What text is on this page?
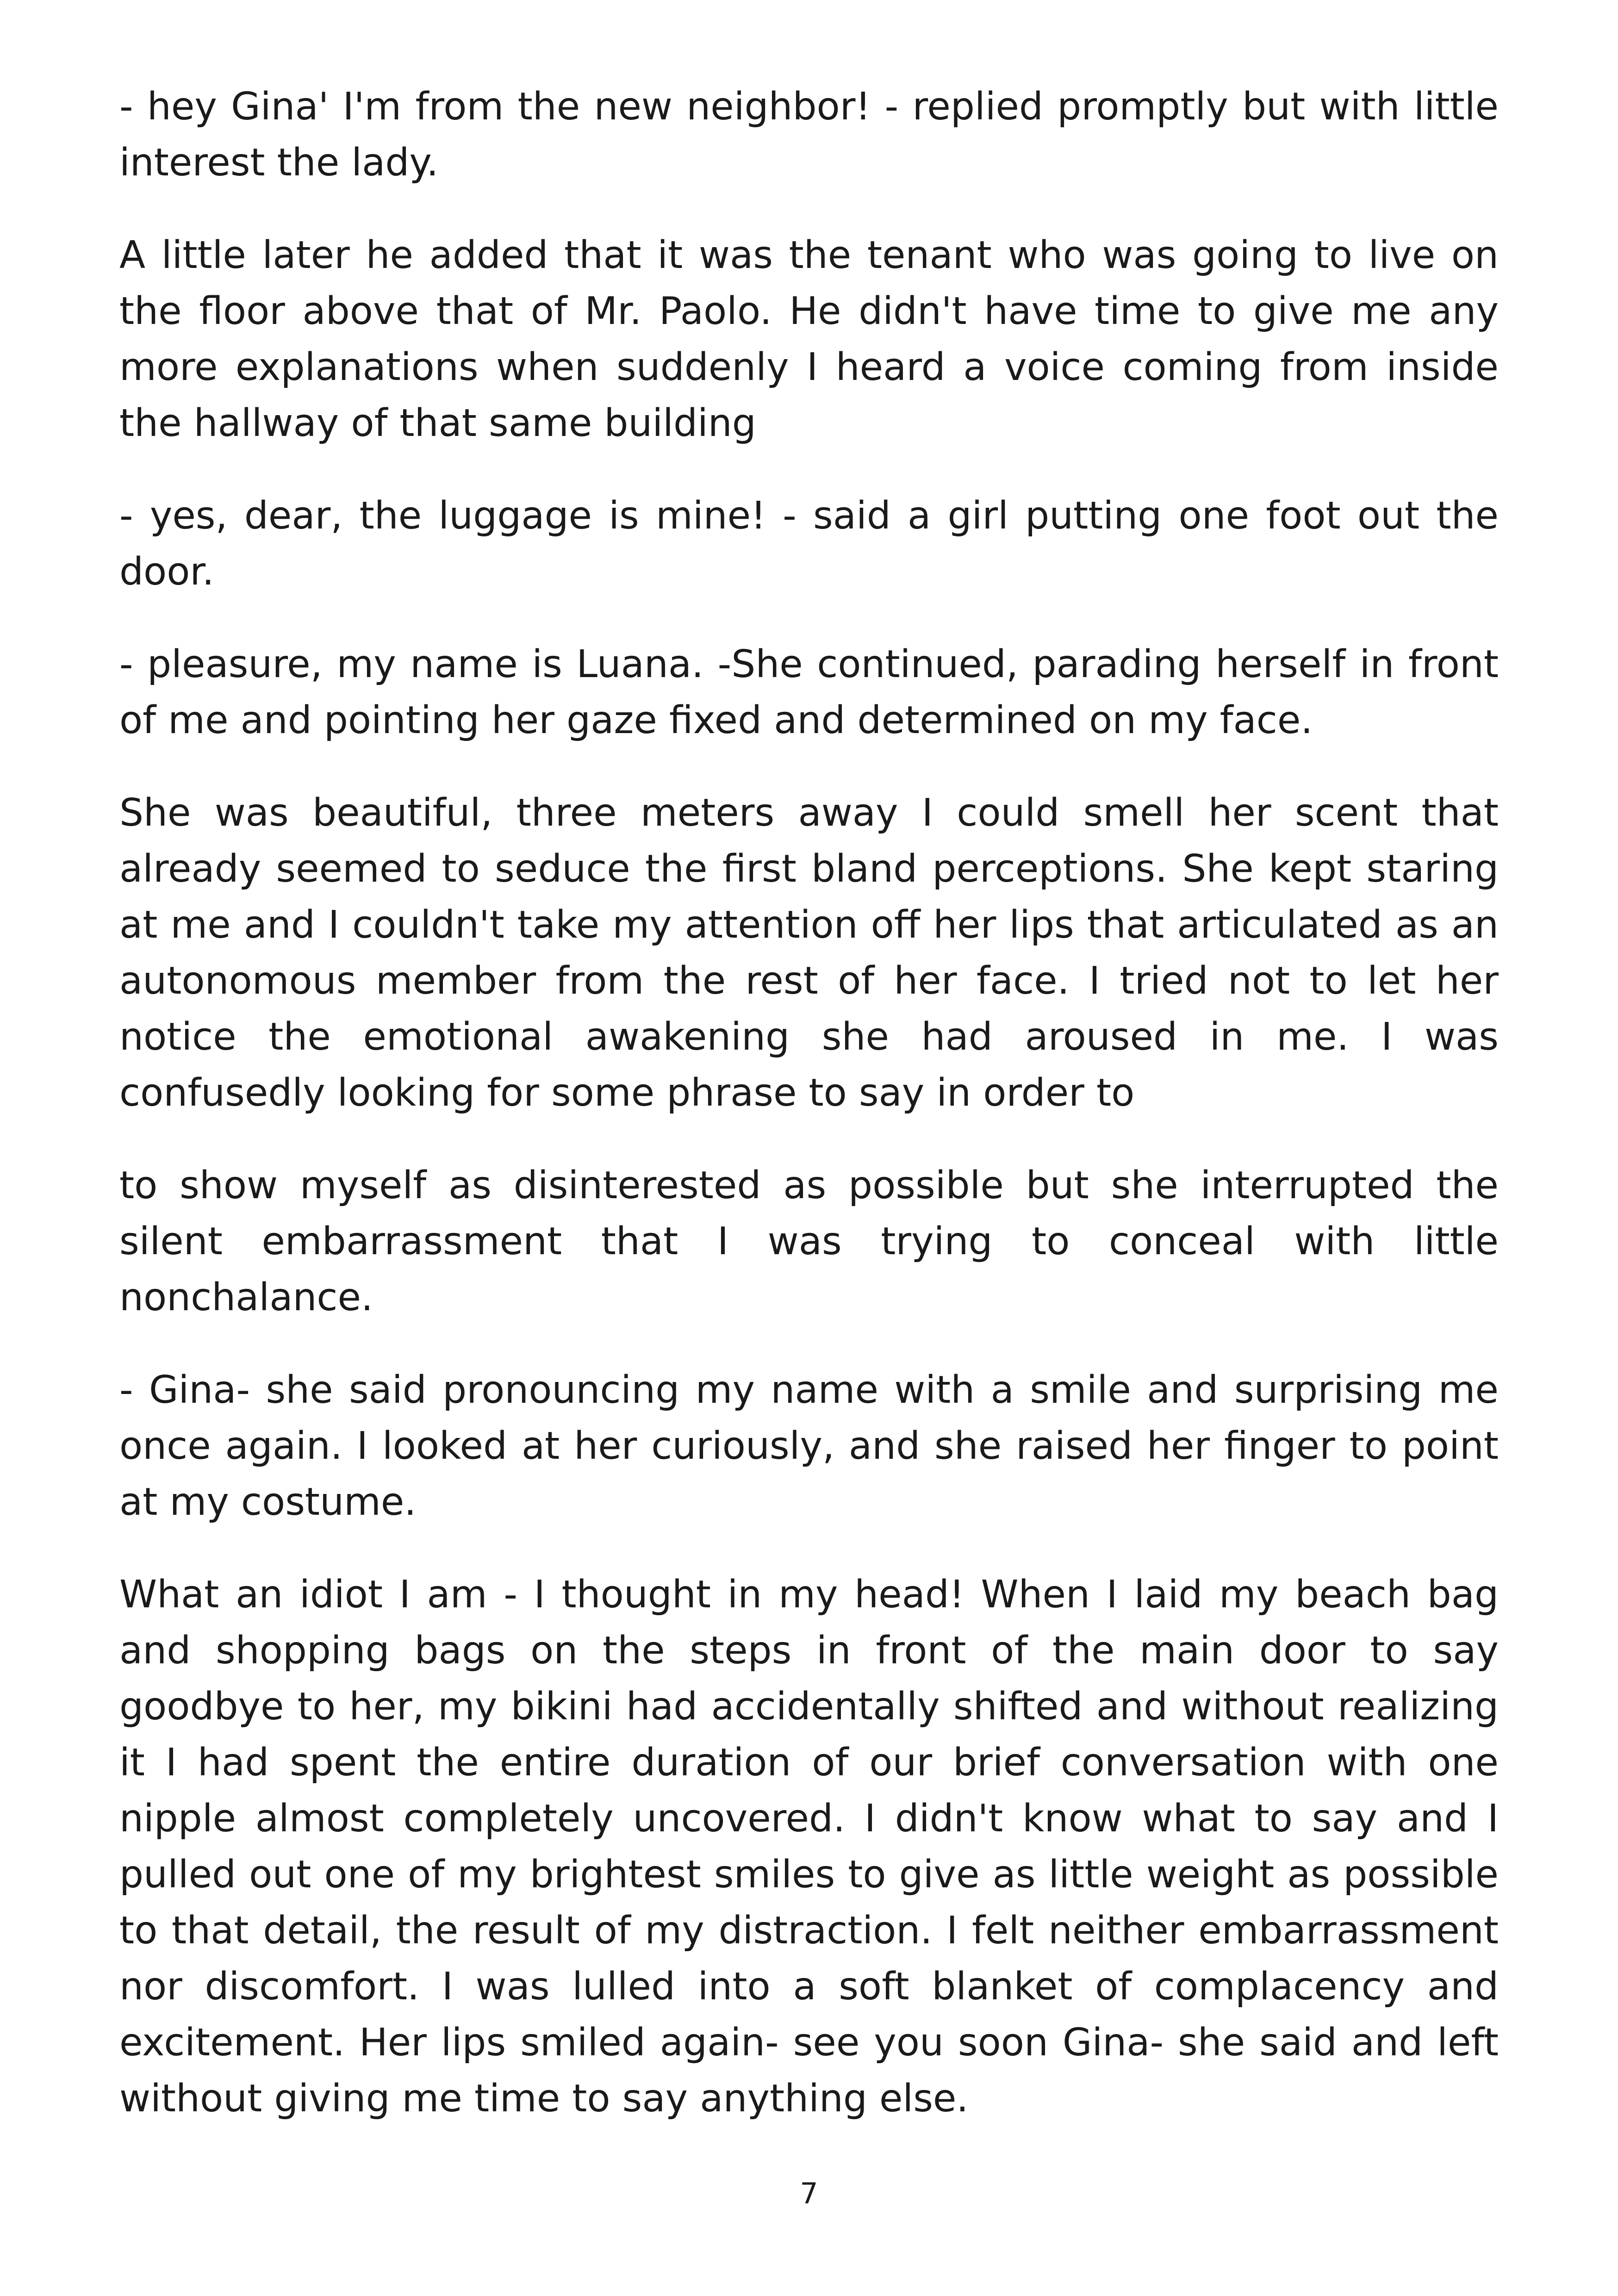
- hey Gina' I'm from the new neighbor! - replied promptly but with little interest the lady.

A little later he added that it was the tenant who was going to live on the floor above that of Mr. Paolo. He didn't have time to give me any more explanations when suddenly I heard a voice coming from inside the hallway of that same building

- yes, dear, the luggage is mine! - said a girl putting one foot out the door.

- pleasure, my name is Luana. -She continued, parading herself in front of me and pointing her gaze fixed and determined on my face.

She was beautiful, three meters away I could smell her scent that already seemed to seduce the first bland perceptions. She kept staring at me and I couldn't take my attention off her lips that articulated as an autonomous member from the rest of her face. I tried not to let her notice the emotional awakening she had aroused in me. I was confusedly looking for some phrase to say in order to

to show myself as disinterested as possible but she interrupted the silent embarrassment that I was trying to conceal with little nonchalance.

- Gina- she said pronouncing my name with a smile and surprising me once again. I looked at her curiously, and she raised her finger to point at my costume.

What an idiot I am - I thought in my head! When I laid my beach bag and shopping bags on the steps in front of the main door to say goodbye to her, my bikini had accidentally shifted and without realizing it I had spent the entire duration of our brief conversation with one nipple almost completely uncovered. I didn't know what to say and I pulled out one of my brightest smiles to give as little weight as possible to that detail, the result of my distraction. I felt neither embarrassment nor discomfort. I was lulled into a soft blanket of complacency and excitement. Her lips smiled again- see you soon Gina- she said and left without giving me time to say anything else.

7
